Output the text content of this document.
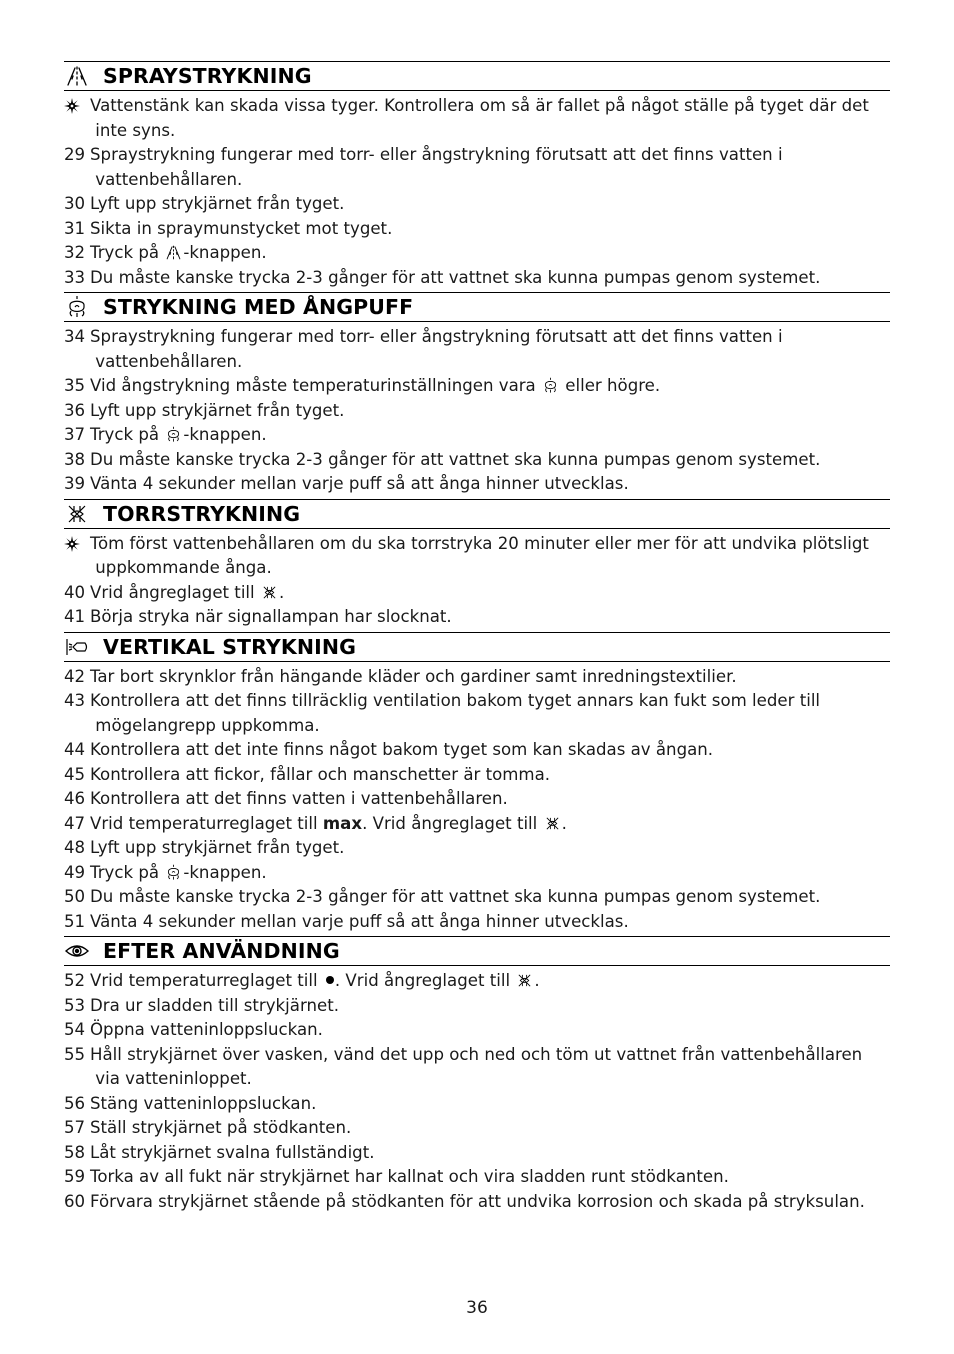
SPRAYSTRYKNING
Vattenstänk kan skada vissa tyger. Kontrollera om så är fallet på något ställe på tyget där det
inte syns.
29 Spraystrykning fungerar med torr- eller ångstrykning förutsatt att det finns vatten i
vattenbehållaren.
30 Lyft upp strykjärnet från tyget.
31 Sikta in spraymunstycket mot tyget.
32 Tryck på -knappen.
33 Du måste kanske trycka 2-3 gånger för att vattnet ska kunna pumpas genom systemet.
STRYKNING MED ÅNGPUFF
34 Spraystrykning fungerar med torr- eller ångstrykning förutsatt att det finns vatten i
vattenbehållaren.
35 Vid ångstrykning måste temperaturinställningen vara  eller högre.
36 Lyft upp strykjärnet från tyget.
37 Tryck på -knappen.
38 Du måste kanske trycka 2-3 gånger för att vattnet ska kunna pumpas genom systemet.
39 Vänta 4 sekunder mellan varje puff så att ånga hinner utvecklas.
TORRSTRYKNING
Töm först vattenbehållaren om du ska torrstryka 20 minuter eller mer för att undvika plötsligt
uppkommande ånga.
40 Vrid ångreglaget till .
41 Börja stryka när signallampan har slocknat.
VERTIKAL STRYKNING
42 Tar bort skrynklor från hängande kläder och gardiner samt inredningstextilier.
43 Kontrollera att det finns tillräcklig ventilation bakom tyget annars kan fukt som leder till
mögelangrepp uppkomma.
44 Kontrollera att det inte finns något bakom tyget som kan skadas av ångan.
45 Kontrollera att fickor, fållar och manschetter är tomma.
46 Kontrollera att det finns vatten i vattenbehållaren.
47 Vrid temperaturreglaget till max. Vrid ångreglaget till .
48 Lyft upp strykjärnet från tyget.
49 Tryck på -knappen.
50 Du måste kanske trycka 2-3 gånger för att vattnet ska kunna pumpas genom systemet.
51 Vänta 4 sekunder mellan varje puff så att ånga hinner utvecklas.
EFTER ANVÄNDNING
52 Vrid temperaturreglaget till . Vrid ångreglaget till .
53 Dra ur sladden till strykjärnet.
54 Öppna vatteninloppsluckan.
55 Håll strykjärnet över vasken, vänd det upp och ned och töm ut vattnet från vattenbehållaren
via vatteninloppet.
56 Stäng vatteninloppsluckan.
57 Ställ strykjärnet på stödkanten.
58 Låt strykjärnet svalna fullständigt.
59 Torka av all fukt när strykjärnet har kallnat och vira sladden runt stödkanten.
60 Förvara strykjärnet stående på stödkanten för att undvika korrosion och skada på stryksulan.
36
